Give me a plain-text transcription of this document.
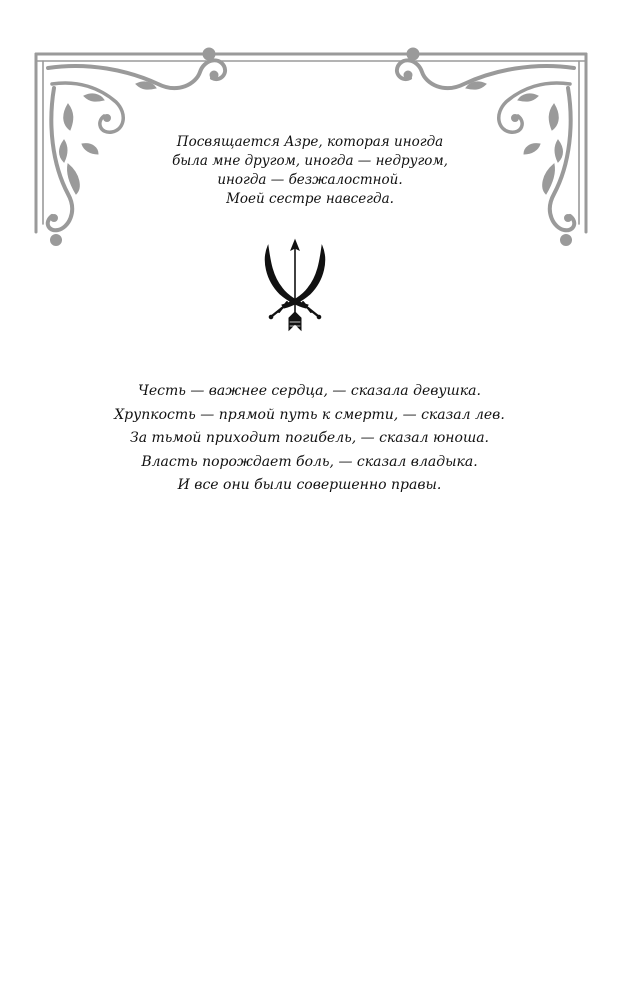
Посвящается Азре, которая иногда
была мне другом, иногда — недругом,
иногда — безжалостной.
Моей сестре навсегда.
Честь — важнее сердца, — сказала девушка.
Хрупкость — прямой путь к смерти, — сказал лев.
За тьмой приходит погибель, — сказал юноша.
Власть порождает боль, — сказал владыка.
И все они были совершенно правы.
